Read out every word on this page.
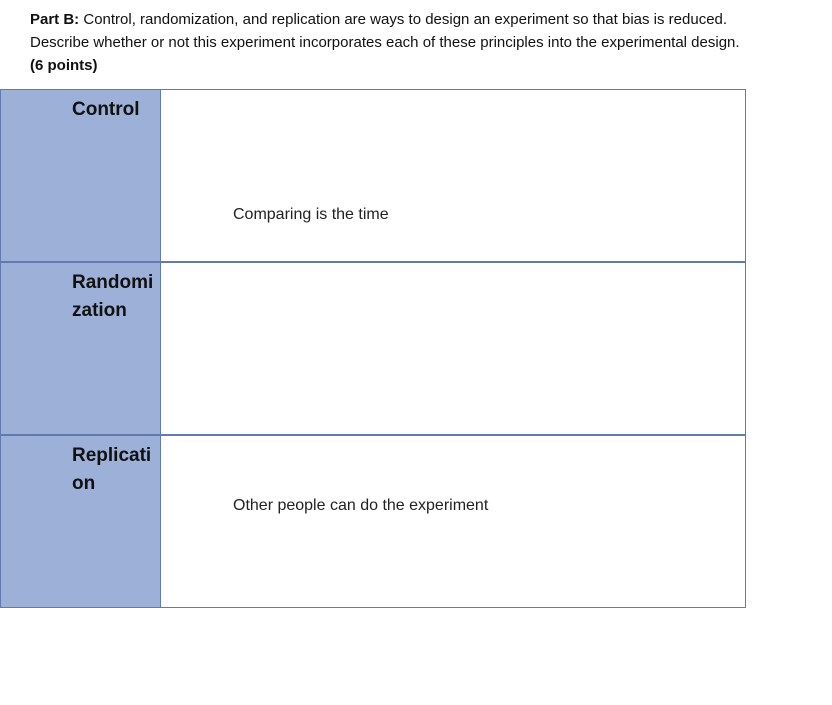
Part B: Control, randomization, and replication are ways to design an experiment so that bias is reduced. Describe whether or not this experiment incorporates each of these principles into the experimental design. (6 points)

Control
Comparing is the time
Randomization
Replication
Other people can do the experiment
